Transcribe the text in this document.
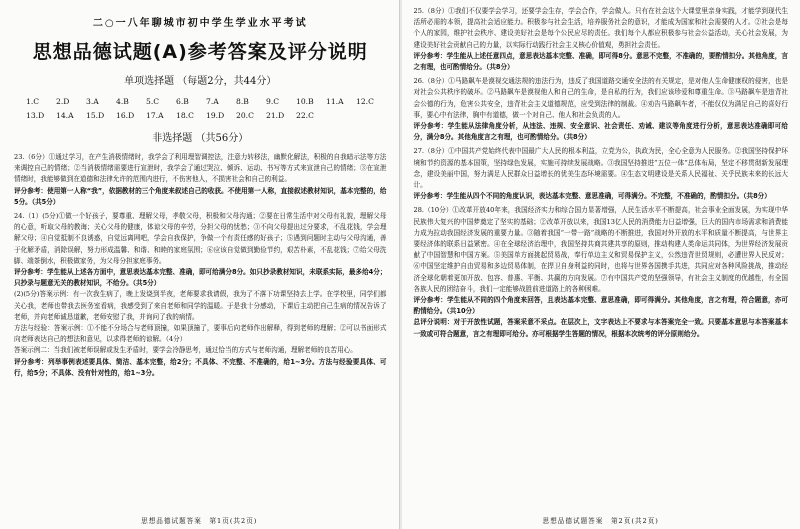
二○一八年聊城市初中学生学业水平考试
思想品德试题(A)参考答案及评分说明
单项选择题 （每题2分，共44分）
1.C	2.D	3.A	4.B	5.C	6.B	7.A	8.B	9.C	10.B	11.A	12.C
13.D	14.A	15.D	16.D	17.A	18.C	19.D	20.C	21.D	22.C
非选择题 （共56分）

23.（6分）①通过学习，在产生消极情绪时，我学会了利用理智调控法，注意力转移法，幽默化解法，积极的自我暗示法等方法来调控自己的情绪；②当消极情绪需要进行宣泄时，我学会了通过哭泣、倾诉、运动、书写等方式来宣泄自己的情绪；③在宣泄情绪时，我能够做到在道德和法律允许的范围内进行，不伤害他人，不损害社会和自己的利益。

评分参考：使用第一人称“我”，依据教材的三个角度来叙述自己的收获。不使用第一人称，直接叙述教材知识，基本完整的，给5分。（共5分）

24.（1）(5分)①做一个好孩子，要尊重、理解父母，孝敬父母，积极和父母沟通；②要在日常生活中对父母有礼貌，理解父母的心意，听取父母的教诲；关心父母的健康，体谅父母的辛劳，分担父母的忧愁；③不向父母提出过分要求，不乱花钱，学会理解父母；④自觉抵制不良诱惑，自觉远离网吧，学会自我保护，争做一个有责任感的好孩子；⑤遇到问题时主动与父母沟通，善于化解矛盾，消除误解，努力形成温馨、和谐、和睦的家庭氛围；⑥应该自觉做到勤俭节约，艰苦朴素，不乱花钱；⑦给父母洗脚、端茶倒水，积极做家务，为父母分担家庭事务。

评分参考：学生能从上述各方面中，意思表达基本完整、准确，即可给满分8分。如只抄录教材知识，未联系实际，最多给4分；只抄录与题意无关的教材知识，不给分。（共5分）

(2)(5分)答案示例：有一次我生病了，晚上发烧到半夜，老师要求我请假，我为了不落下功课坚持去上学。在学校里，同学们都关心我，老师也带我去医务室看病，我感受到了来自老师和同学的温暖。于是我十分感动，下课后主动把自己生病的情况告诉了老师，并向老师诚恳道歉，老师安慰了我，并询问了我的病情。

方法与经验：答案示例：①不能不分场合与老师顶撞，如果顶撞了，要事后向老师作出解释，得到老师的理解；②可以书面形式向老师表达自己的想法和意见，以求得老师的谅解。（4分）

答案示例二：当我们被老师误解或发生矛盾时，要学会冷静思考，通过恰当的方式与老师沟通，理解老师的良苦用心。

评分参考：列举事例表述要具体、简洁、基本完整，给2分；不具体、不完整、不准确的，给1~3分。方法与经验要具体、可行，给5分；不具体、没有针对性的，给1~3分。

思想品德试题答案　第1页(共2页)

25.（8分）①我们不仅要学会学习，还要学会生存，学会合作，学会做人。只有在社会这个大课堂里亲身实践，才能学到现代生活所必需的本领，提高社会适应能力。积极参与社会生活，培养服务社会的意识，才能成为国家和社会需要的人才。②社会是每个人的家园，维护社会秩序、建设美好社会是每个公民应尽的责任。我们每个人都应积极参与社会公益活动，关心社会发展，为建设美好社会贡献自己的力量，以实际行动践行社会主义核心价值观，勇担社会责任。

评分参考：学生能从上述任意四点，意思表达基本完整、准确，即可得8分。意思不完整，不准确的，要酌情扣分。其他角度，言之有理，也可酌情给分。（共8分）

26.（8分）①马路飙车是漠视交通法规的违法行为，违反了我国道路交通安全法的有关规定，是对他人生命健康权的侵害，也是对社会公共秩序的破坏。②马路飙车是漠视他人和自己的生命，是自私的行为，我们应该珍爱和尊重生命。③马路飙车是违背社会公德的行为，危害公共安全，违背社会主义道德规范，应受到法律的制裁。④劝告马路飙车者，不能仅仅为满足自己的喜好行事，要心中有法律，胸中有道德，做一个对自己、他人和社会负责的人。

评分参考：学生能从法律角度分析，从违法、违规、安全意识、社会责任、劝诫、建议等角度进行分析，意思表达准确即可给分，满分8分。其他角度言之有理，也可酌情给分。（共8分）

27.（8分）①中国共产党始终代表中国最广大人民的根本利益，立党为公，执政为民，全心全意为人民服务。②我国坚持保护环境和节约资源的基本国策，坚持绿色发展，实施可持续发展战略。③我国坚持推进“五位一体”总体布局，坚定不移贯彻新发展理念，建设美丽中国，努力满足人民群众日益增长的优美生态环境需要。④生态文明建设是关系人民福祉、关乎民族未来的长远大计。

评分参考：学生能从四个不同的角度认识，表达基本完整、意思准确，可得满分。不完整，不准确的，酌情扣分。（共8分）

28.（10分）①改革开放40年来，我国经济实力和综合国力显著增强，人民生活水平不断提高，社会事业全面发展，为实现中华民族伟大复兴的中国梦奠定了坚实的基础；②改革开放以来，我国13亿人民的消费能力日益增强，巨大的国内市场需求和消费能力成为拉动我国经济发展的重要力量。③随着我国“一带一路”战略的不断推进，我国对外开放的水平和质量不断提高，与世界主要经济体的联系日益紧密。④在全球经济治理中，我国坚持共商共建共享的原则，推动构建人类命运共同体，为世界经济发展贡献了中国智慧和中国方案。⑤美国单方面挑起贸易战，奉行单边主义和贸易保护主义，公然违背世贸规则，必遭世界人民反对；⑥中国坚定维护自由贸易和多边贸易体制，在捍卫自身利益的同时，也将与世界各国携手共进，共同应对各种风险挑战，推动经济全球化朝着更加开放、包容、普惠、平衡、共赢的方向发展。⑦有中国共产党的坚强领导，有社会主义制度的优越性，有全国各族人民的团结奋斗，我们一定能够战胜前进道路上的各种困难。

评分参考：学生能从不同的四个角度来回答，且表达基本完整、意思准确，即可得满分。其他角度，言之有理，符合题意，亦可酌情给分。（共10分）

总评分说明：对于开放性试题，答案采意不采点。在层次上，文字表达上不要求与本答案完全一致。只要基本意思与本答案基本一致或可符合题意，言之有理即可给分。亦可根据学生答题的情况，根据本次统考的评分原则给分。

思想品德试题答案　第2页(共2页)
